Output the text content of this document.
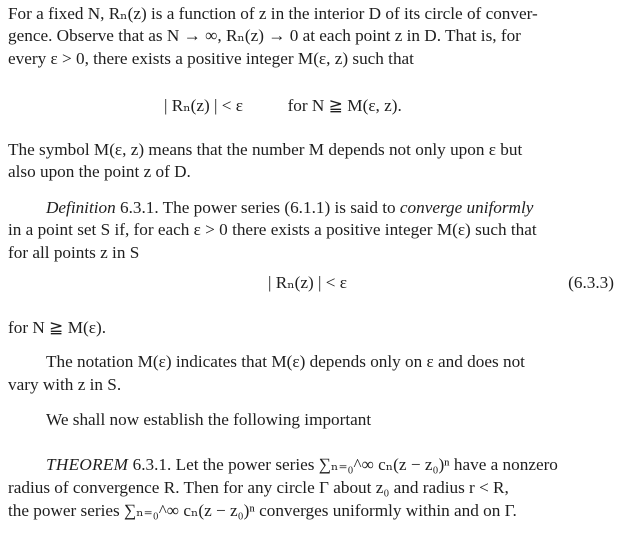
For a fixed N, Rₙ(z) is a function of z in the interior D of its circle of conver-
gence. Observe that as N → ∞, Rₙ(z) → 0 at each point z in D. That is, for
every ε > 0, there exists a positive integer M(ε, z) such that
| Rₙ(z) | < ε	for N ≧ M(ε, z).
The symbol M(ε, z) means that the number M depends not only upon ε but
also upon the point z of D.
Definition 6.3.1. The power series (6.1.1) is said to converge uniformly
in a point set S if, for each ε > 0 there exists a positive integer M(ε) such that
for all points z in S
| Rₙ(z) | < ε	(6.3.3)
for N ≧ M(ε).
The notation M(ε) indicates that M(ε) depends only on ε and does not
vary with z in S.
We shall now establish the following important
THEOREM 6.3.1. Let the power series ∑ₙ₌₀^∞ cₙ(z − z₀)ⁿ have a nonzero
radius of convergence R. Then for any circle Γ about z₀ and radius r < R,
the power series ∑ₙ₌₀^∞ cₙ(z − z₀)ⁿ converges uniformly within and on Γ.
